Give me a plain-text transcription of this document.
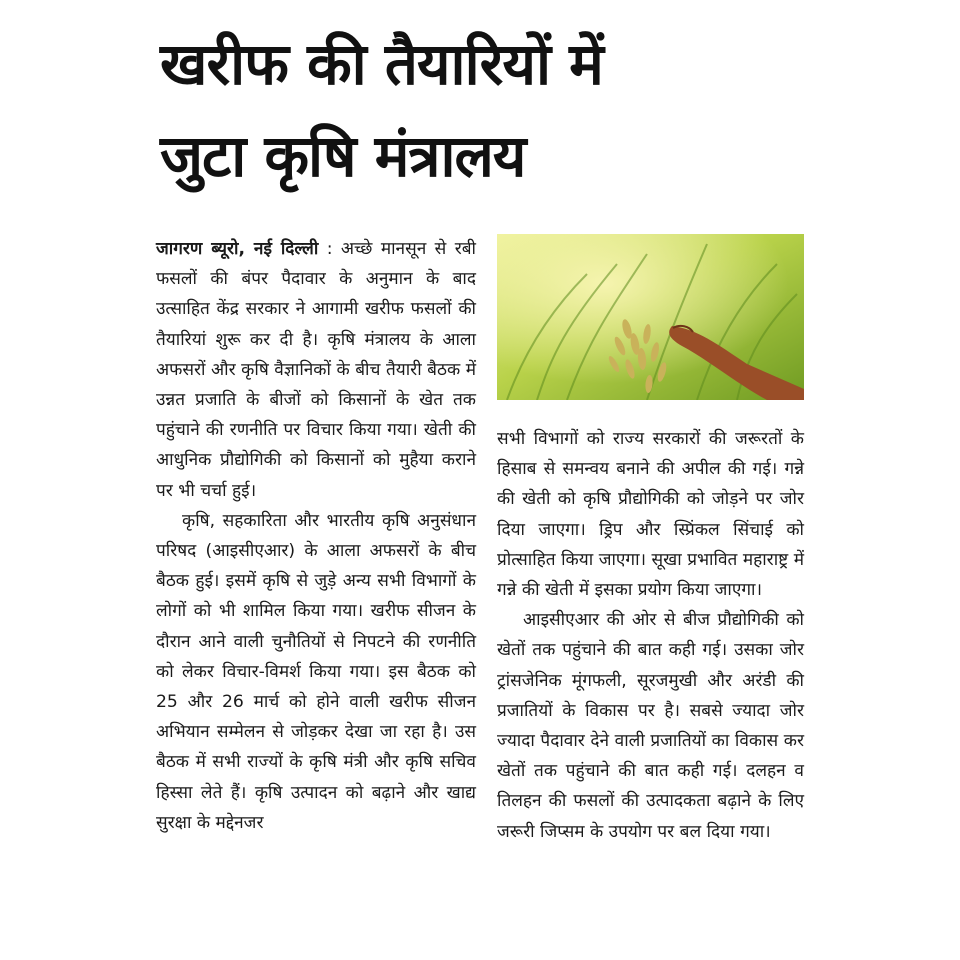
खरीफ की तैयारियों में
जुटा कृषि मंत्रालय

जागरण ब्यूरो, नई दिल्ली : अच्छे मानसून से रबी फसलों की बंपर पैदावार के अनुमान के बाद उत्साहित केंद्र सरकार ने आगामी खरीफ फसलों की तैयारियां शुरू कर दी है। कृषि मंत्रालय के आला अफसरों और कृषि वैज्ञानिकों के बीच तैयारी बैठक में उन्नत प्रजाति के बीजों को किसानों के खेत तक पहुंचाने की रणनीति पर विचार किया गया। खेती की आधुनिक प्रौद्योगिकी को किसानों को मुहैया कराने पर भी चर्चा हुई।

कृषि, सहकारिता और भारतीय कृषि अनुसंधान परिषद (आइसीएआर) के आला अफसरों के बीच बैठक हुई। इसमें कृषि से जुड़े अन्य सभी विभागों के लोगों को भी शामिल किया गया। खरीफ सीजन के दौरान आने वाली चुनौतियों से निपटने की रणनीति को लेकर विचार-विमर्श किया गया। इस बैठक को 25 और 26 मार्च को होने वाली खरीफ सीजन अभियान सम्मेलन से जोड़कर देखा जा रहा है। उस बैठक में सभी राज्यों के कृषि मंत्री और कृषि सचिव हिस्सा लेते हैं। कृषि उत्पादन को बढ़ाने और खाद्य सुरक्षा के मद्देनजर

सभी विभागों को राज्य सरकारों की जरूरतों के हिसाब से समन्वय बनाने की अपील की गई। गन्ने की खेती को कृषि प्रौद्योगिकी को जोड़ने पर जोर दिया जाएगा। ड्रिप और स्प्रिंकल सिंचाई को प्रोत्साहित किया जाएगा। सूखा प्रभावित महाराष्ट्र में गन्ने की खेती में इसका प्रयोग किया जाएगा।

आइसीएआर की ओर से बीज प्रौद्योगिकी को खेतों तक पहुंचाने की बात कही गई। उसका जोर ट्रांसजेनिक मूंगफली, सूरजमुखी और अरंडी की प्रजातियों के विकास पर है। सबसे ज्यादा जोर ज्यादा पैदावार देने वाली प्रजातियों का विकास कर खेतों तक पहुंचाने की बात कही गई। दलहन व तिलहन की फसलों की उत्पादकता बढ़ाने के लिए जरूरी जिप्सम के उपयोग पर बल दिया गया।
